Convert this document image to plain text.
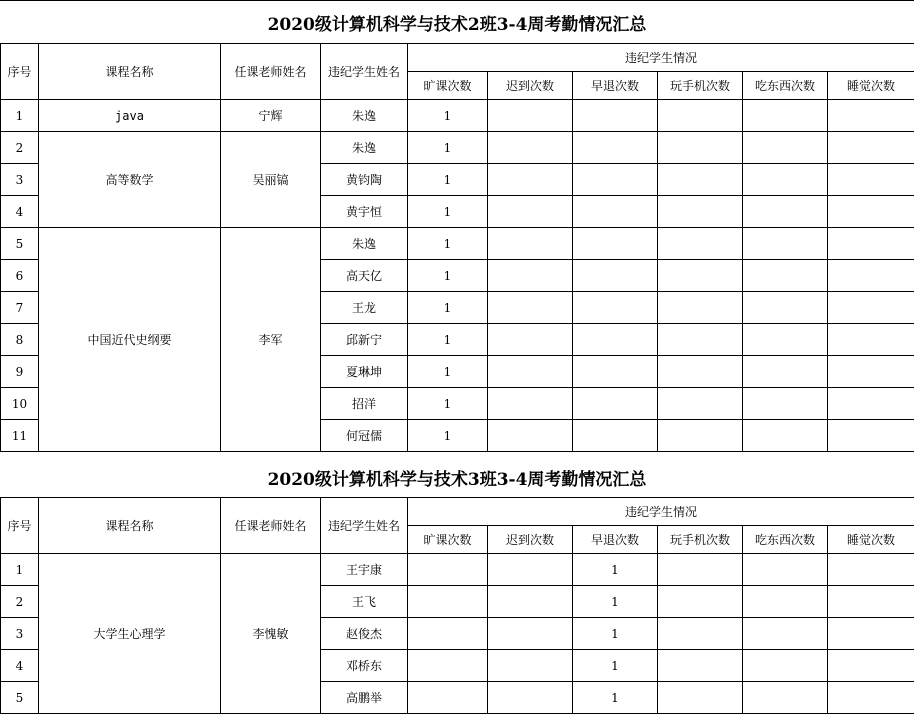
2020级计算机科学与技术2班3-4周考勤情况汇总
序号	课程名称	任课老师姓名	违纪学生姓名	违纪学生情况					
				旷课次数	迟到次数	早退次数	玩手机次数	吃东西次数	睡觉次数
1	java	宁辉	朱逸	1					
2	高等数学	吴丽镐	朱逸	1					
3			黄钧陶	1					
4			黄宇恒	1					
5	中国近代史纲要	李军	朱逸	1					
6			高天亿	1					
7			王龙	1					
8			邱新宁	1					
9			夏琳坤	1					
10			招洋	1					
11			何冠儒	1					
2020级计算机科学与技术3班3-4周考勤情况汇总
序号	课程名称	任课老师姓名	违纪学生姓名	违纪学生情况					
				旷课次数	迟到次数	早退次数	玩手机次数	吃东西次数	睡觉次数
1	大学生心理学	李愧敏	王宇康			1			
2			王飞			1			
3			赵俊杰			1			
4			邓桥东			1			
5			高鹏举			1			
